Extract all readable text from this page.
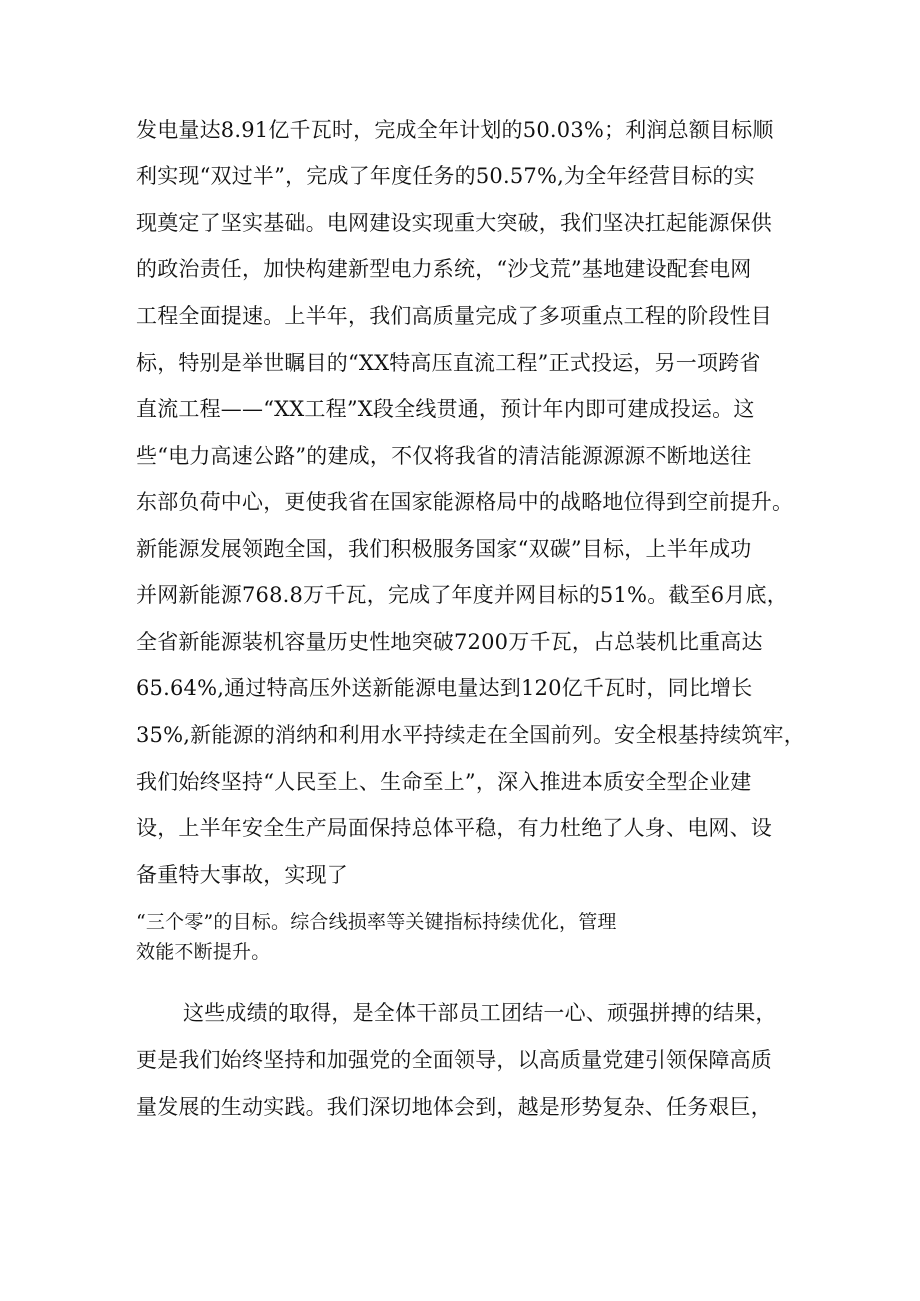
发电量达8.91亿千瓦时，完成全年计划的50.03%；利润总额目标顺
利实现“双过半”，完成了年度任务的50.57%,为全年经营目标的实
现奠定了坚实基础。电网建设实现重大突破，我们坚决扛起能源保供
的政治责任，加快构建新型电力系统，“沙戈荒”基地建设配套电网
工程全面提速。上半年，我们高质量完成了多项重点工程的阶段性目
标，特别是举世瞩目的“XX特高压直流工程”正式投运，另一项跨省
直流工程——“XX工程”X段全线贯通，预计年内即可建成投运。这
些“电力高速公路”的建成，不仅将我省的清洁能源源源不断地送往
东部负荷中心，更使我省在国家能源格局中的战略地位得到空前提升。
新能源发展领跑全国，我们积极服务国家“双碳”目标，上半年成功
并网新能源768.8万千瓦，完成了年度并网目标的51%。截至6月底，
全省新能源装机容量历史性地突破7200万千瓦，占总装机比重高达
65.64%,通过特高压外送新能源电量达到120亿千瓦时，同比增长
35%,新能源的消纳和利用水平持续走在全国前列。安全根基持续筑牢，
我们始终坚持“人民至上、生命至上”，深入推进本质安全型企业建
设，上半年安全生产局面保持总体平稳，有力杜绝了人身、电网、设
备重特大事故，实现了
“三个零”的目标。综合线损率等关键指标持续优化，管理
效能不断提升。
这些成绩的取得，是全体干部员工团结一心、顽强拼搏的结果，
更是我们始终坚持和加强党的全面领导，以高质量党建引领保障高质
量发展的生动实践。我们深切地体会到，越是形势复杂、任务艰巨，
